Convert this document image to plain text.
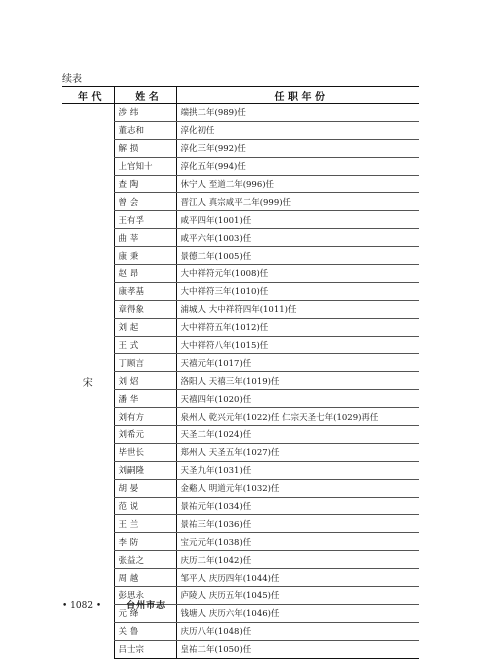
续表
年 代	姓 名	任 职 年 份
宋	涉 纬	端拱二年(989)任
	董志和	淳化初任
	解 损	淳化三年(992)任
	上官知十	淳化五年(994)任
	查 陶	休宁人 至道二年(996)任
	曾 会	晋江人 真宗咸平二年(999)任
	王有孚	咸平四年(1001)任
	曲 莘	咸平六年(1003)任
	康 秉	景德二年(1005)任
	赵 昂	大中祥符元年(1008)任
	康孝基	大中祥符三年(1010)任
	章得象	浦城人 大中祥符四年(1011)任
	刘 起	大中祥符五年(1012)任
	王 式	大中祥符八年(1015)任
	丁顾言	天禧元年(1017)任
	刘 炤	洛阳人 天禧三年(1019)任
	潘 华	天禧四年(1020)任
	刘有方	泉州人 乾兴元年(1022)任 仁宗天圣七年(1029)再任
	刘希元	天圣二年(1024)任
	毕世长	郑州人 天圣五年(1027)任
	刘嗣隆	天圣九年(1031)任
	胡 晏	金谿人 明道元年(1032)任
	范 说	景祐元年(1034)任
	王 兰	景祐三年(1036)任
	李 防	宝元元年(1038)任
	张益之	庆历二年(1042)任
	周 越	邹平人 庆历四年(1044)任
	彭思永	庐陵人 庆历五年(1045)任
	元 绛	钱塘人 庆历六年(1046)任
	关 鲁	庆历八年(1048)任
	吕士宗	皇祐二年(1050)任
• 1082 •	台州市志
